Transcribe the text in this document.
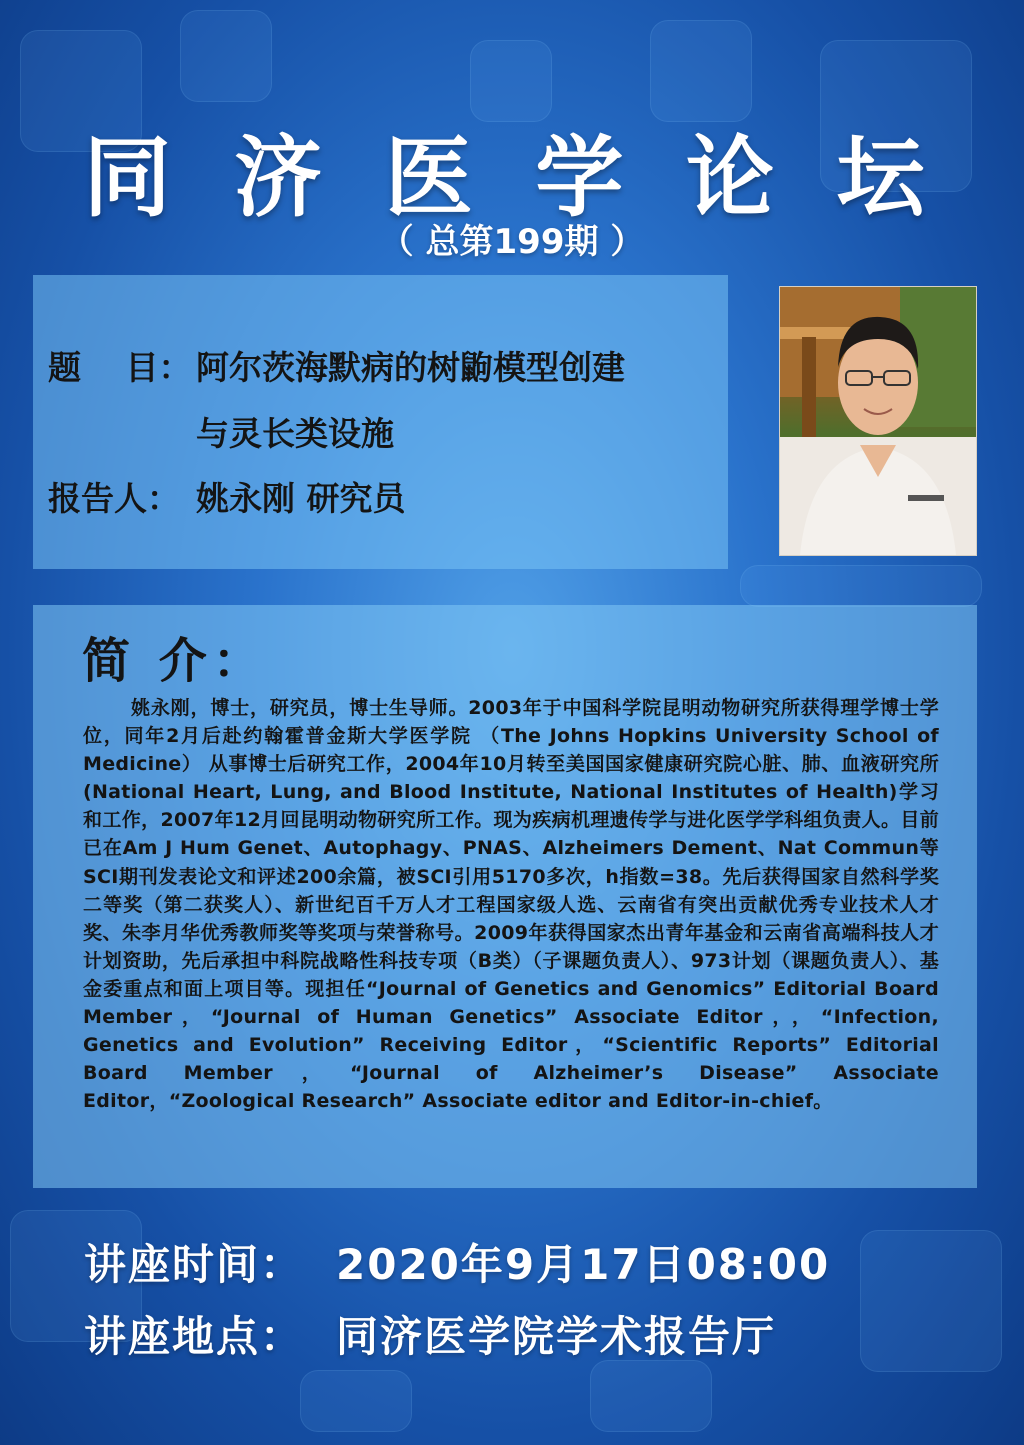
同 济 医 学 论 坛
（ 总第199期 ）
题　 目： 阿尔茨海默病的树鼩模型创建
与灵长类设施
报告人： 姚永刚 研究员
简 介：
姚永刚，博士，研究员，博士生导师。2003年于中国科学院昆明动物研究所获得理学博士学位，同年2月后赴约翰霍普金斯大学医学院 （The Johns Hopkins University School of Medicine） 从事博士后研究工作，2004年10月转至美国国家健康研究院心脏、肺、血液研究所(National Heart, Lung, and Blood Institute, National Institutes of Health)学习和工作，2007年12月回昆明动物研究所工作。现为疾病机理遗传学与进化医学学科组负责人。目前已在Am J Hum Genet、Autophagy、PNAS、Alzheimers Dement、Nat Commun等SCI期刊发表论文和评述200余篇，被SCI引用5170多次，h指数=38。先后获得国家自然科学奖二等奖（第二获奖人）、新世纪百千万人才工程国家级人选、云南省有突出贡献优秀专业技术人才奖、朱李月华优秀教师奖等奖项与荣誉称号。2009年获得国家杰出青年基金和云南省高端科技人才计划资助，先后承担中科院战略性科技专项（B类）（子课题负责人）、973计划（课题负责人）、基金委重点和面上项目等。现担任“Journal of Genetics and Genomics” Editorial Board Member，“Journal of Human Genetics” Associate Editor，，“Infection, Genetics and Evolution” Receiving Editor，“Scientific Reports” Editorial Board Member，“Journal of Alzheimer’s Disease” Associate Editor，“Zoological Research” Associate editor and Editor-in-chief。
讲座时间： 2020年9月17日08:00
讲座地点： 同济医学院学术报告厅
